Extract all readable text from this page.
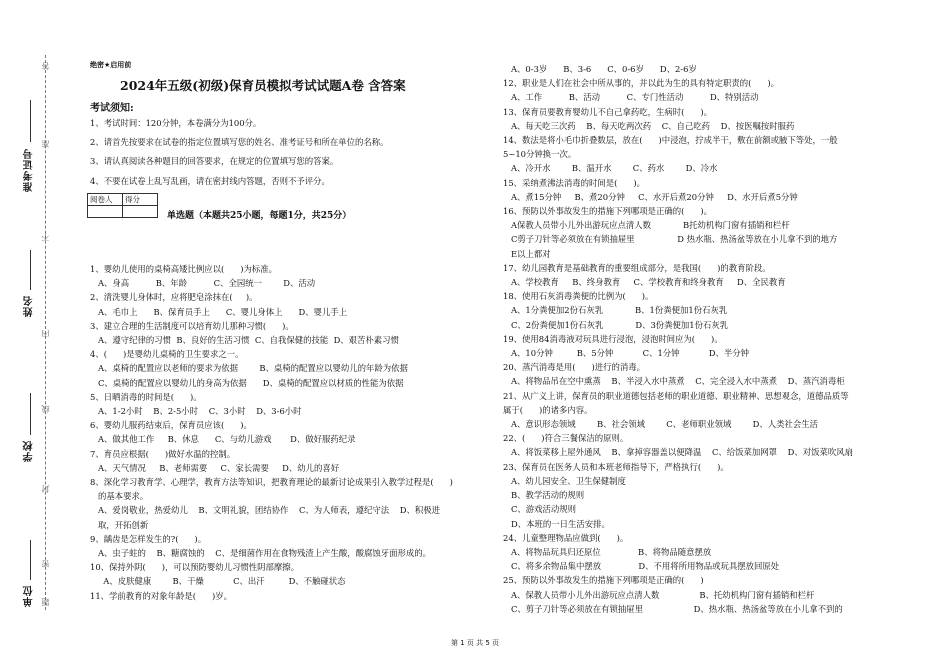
准考证号
姓名
学校
单位
答
准
不
内
线
封
密
题
绝密★启用前
2024年五级(初级)保育员模拟考试试题A卷 含答案
考试须知:

1、考试时间：120分钟，本卷满分为100分。

2、请首先按要求在试卷的指定位置填写您的姓名、准考证号和所在单位的名称。

3、请认真阅读各种题目的回答要求，在规定的位置填写您的答案。

4、不要在试卷上乱写乱画，请在密封线内答题，否则不予评分。

阅卷人	得分

单选题（本题共25小题，每题1分，共25分）

1、婴幼儿使用的桌椅高矮比例应以(      )为标准。

A、身高          B、年龄          C、全园统一        D、活动

2、清洗婴儿身体时，应将肥皂涂抹在(     )。

A、毛巾上      B、保育员手上      C、婴儿身体上      D、婴儿手上

3、建立合理的生活制度可以培育幼儿那种习惯(      )。

A、遵守纪律的习惯  B、良好的生活习惯  C、自我保健的技能  D、艰苦朴素习惯

4、(      )是婴幼儿桌椅的卫生要求之一。

A、桌椅的配置应以老师的要求为依据        B、桌椅的配置应以婴幼儿的年龄为依据

C、桌椅的配置应以婴幼儿的身高为依据      D、桌椅的配置应以材质的性能为依据

5、日晒消毒的时间是(      )。

A、1-2小时    B、2-5小时    C、3小时    D、3-6小时

6、婴幼儿服药结束后，保育员应该(      )。

A、做其他工作     B、休息      C、与幼儿游戏       D、做好服药纪录

7、育员应根据(      )做好水温的控制。

A、天气情况     B、老师需要     C、家长需要     D、幼儿的喜好

8、深化学习教育学、心理学，教育方法等知识，把教育理论的最新讨论成果引入教学过程是(      )

的基本要求。

A、爱岗敬业，热爱幼儿    B、文明礼貌，团结协作    C、为人师表，遵纪守法    D、积极进

取，开拓创新

9、龋齿是怎样发生的?(      )。

A、虫子蛀的    B、糖腐蚀的    C、是细菌作用在食物残渣上产生酸，酸腐蚀牙面形成的。

10、保持外阴(      )，可以预防婴幼儿习惯性阴部摩擦。

A、皮肤健康        B、干燥           C、出汗         D、不触碰状态

11、学前教育的对象年龄是(      )岁。

A、0-3岁      B、3-6      C、0-6岁      D、2-6岁

12、职业是人们在社会中所从事的，并以此为生的具有特定职责的(      )。

A、工作          B、活动          C、专门性活动          D、特别活动

13、保育员要教育婴幼儿不自己拿药吃，生病时(      )。

A、每天吃三次药    B、每天吃两次药    C、自己吃药    D、按医嘱按时服药

14、数法是将小毛巾折叠数层，放在(      )中浸泡，拧成半干，敷在前额或腋下等处，一般

5~10分钟换一次。

A、冷开水        B、温开水        C、药水        D、冷水

15、采纳煮沸法消毒的时间是(      )。

A、煮15分钟     B、煮20分钟     C、水开后煮20分钟     D、水开后煮5分钟

16、预防以外事故发生的措施下列哪项是正确的(      )。

A保教人员带小儿外出游玩应点清人数            B托幼机构门窗有插销和栏杆

C剪子刀针等必须放在有锁抽屉里                D 热水瓶、热汤盆等放在小儿拿不到的地方

E以上都对

17、幼儿园教育是基础教育的重要组成部分，是我国(      )的教育阶段。

A、学校教育     B、终身教育     C、学校教育和终身教育     D、全民教育

18、使用石灰消毒粪便的比例为(      )。

A、1分粪便加2份石灰乳            B、1份粪便加1份石灰乳

C、2份粪便加1份石灰乳            D、3份粪便加1份石灰乳

19、使用84消毒液对玩具进行浸泡，浸泡时间应为(      )。

A、10分钟         B、5分钟           C、1分钟           D、半分钟

20、蒸汽消毒是用(      )进行的消毒。

A、将物品吊在空中熏蒸    B、半浸入水中蒸煮    C、完全浸入水中蒸煮    D、蒸汽消毒柜

21、从广义上讲，保育员的职业道德包括老师的职业道德、职业精神、思想观念，道德品质等

属于(      )的诸多内容。

A、意识形态领域        B、社会领域        C、老师职业领域        D、人类社会生活

22、(      )符合三餐保洁的原则。

A、将饭菜移上屋外通风    B、拿掉容器盖以便降温    C、给饭菜加网罩    D、对饭菜吹风扇

23、保育员在医务人员和本班老师指导下，严格执行(      )。

A、幼儿园安全、卫生保健制度

B、教学活动的规则

C、游戏活动规则

D、本班的一日生活安排。

24、儿童整理物品应做到(      )。

A、将物品玩具归还原位              B、将物品随意摆放

C、将多余物品集中摆放              D、不用将所用物品或玩具摆放回原处

25、预防以外事故发生的措施下列哪项是正确的(      )

A、保教人员带小儿外出游玩应点清人数               B、托幼机构门窗有插销和栏杆

C、剪子刀针等必须放在有锁抽屉里                   D、热水瓶、热汤盆等放在小儿拿不到的

第 1 页 共 5 页
